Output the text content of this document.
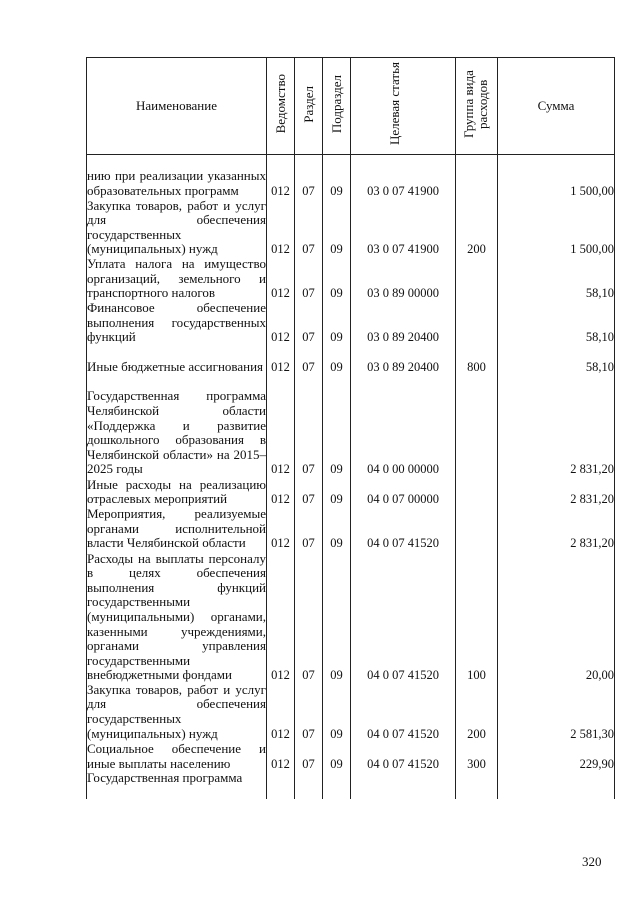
Наименование	Ведомство	Раздел	Подраздел	Целевая статья	Группа вида расходов	Сумма
нию при реализации указанных образовательных программ	012	07	09	03 0 07 41900		1 500,00
Закупка товаров, работ и услуг для обеспечения государственных (муниципальных) нужд	012	07	09	03 0 07 41900	200	1 500,00
Уплата налога на имущество организаций, земельного и транспортного налогов	012	07	09	03 0 89 00000		58,10
Финансовое обеспечение выполнения государственных функций	012	07	09	03 0 89 20400		58,10
Иные бюджетные ассигнования	012	07	09	03 0 89 20400	800	58,10
Государственная программа Челябинской области «Поддержка и развитие дошкольного образования в Челябинской области» на 2015–2025 годы	012	07	09	04 0 00 00000		2 831,20
Иные расходы на реализацию отраслевых мероприятий	012	07	09	04 0 07 00000		2 831,20
Мероприятия, реализуемые органами исполнительной власти Челябинской области	012	07	09	04 0 07 41520		2 831,20
Расходы на выплаты персоналу в целях обеспечения выполнения функций государственными (муниципальными) органами, казенными учреждениями, органами управления государственными внебюджетными фондами	012	07	09	04 0 07 41520	100	20,00
Закупка товаров, работ и услуг для обеспечения государственных (муниципальных) нужд	012	07	09	04 0 07 41520	200	2 581,30
Социальное обеспечение и иные выплаты населению	012	07	09	04 0 07 41520	300	229,90
Государственная программа						
320
